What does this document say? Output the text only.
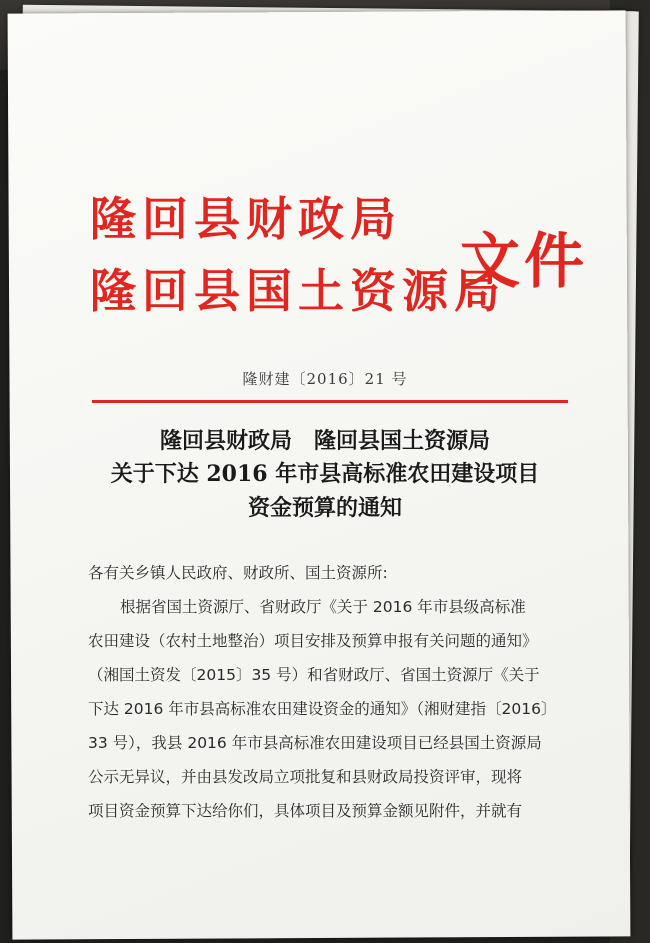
隆回县财政局
隆回县国土资源局
文件
隆财建〔2016〕21 号
隆回县财政局　隆回县国土资源局
关于下达 2016 年市县高标准农田建设项目
资金预算的通知
各有关乡镇人民政府、财政所、国土资源所:
根据省国土资源厅、省财政厅《关于 2016 年市县级高标准
农田建设（农村土地整治）项目安排及预算申报有关问题的通知》
（湘国土资发〔2015〕35 号）和省财政厅、省国土资源厅《关于
下达 2016 年市县高标准农田建设资金的通知》（湘财建指〔2016〕
33 号），我县 2016 年市县高标准农田建设项目已经县国土资源局
公示无异议，并由县发改局立项批复和县财政局投资评审，现将
项目资金预算下达给你们，具体项目及预算金额见附件，并就有
